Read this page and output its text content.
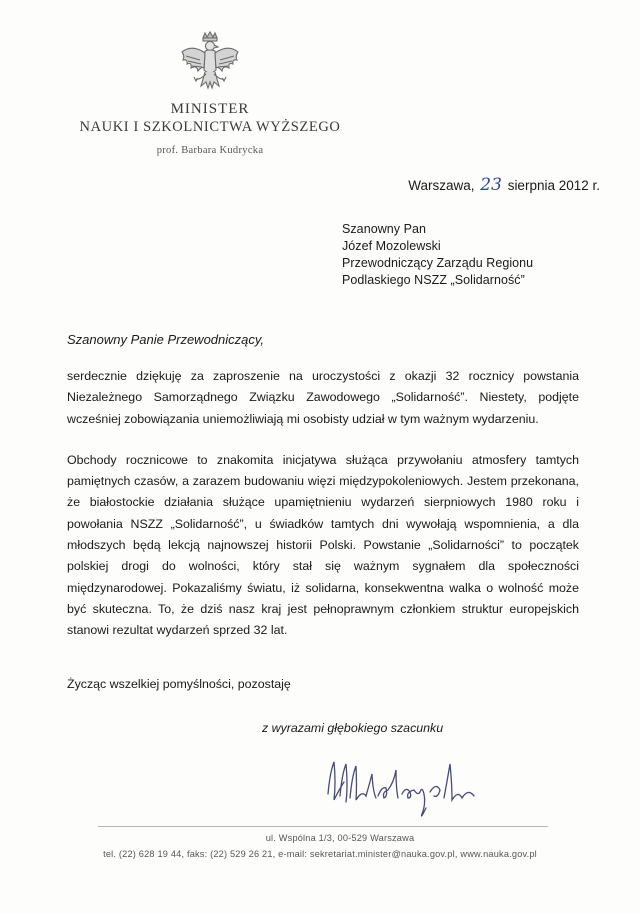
MINISTER
NAUKI I SZKOLNICTWA WYŻSZEGO
prof. Barbara Kudrycka
Warszawa, 23 sierpnia 2012 r.
Szanowny Pan
Józef Mozolewski
Przewodniczący Zarządu Regionu
Podlaskiego NSZZ „Solidarność”
Szanowny Panie Przewodniczący,

serdecznie dziękuję za zaproszenie na uroczystości z okazji 32 rocznicy powstania Niezależnego Samorządnego Związku Zawodowego „Solidarność”. Niestety, podjęte wcześniej zobowiązania uniemożliwiają mi osobisty udział w tym ważnym wydarzeniu.

Obchody rocznicowe to znakomita inicjatywa służąca przywołaniu atmosfery tamtych pamiętnych czasów, a zarazem budowaniu więzi międzypokoleniowych. Jestem przekonana, że białostockie działania służące upamiętnieniu wydarzeń sierpniowych 1980 roku i powołania NSZZ „Solidarność”, u świadków tamtych dni wywołają wspomnienia, a dla młodszych będą lekcją najnowszej historii Polski. Powstanie „Solidarności” to początek polskiej drogi do wolności, który stał się ważnym sygnałem dla społeczności międzynarodowej. Pokazaliśmy światu, iż solidarna, konsekwentna walka o wolność może być skuteczna. To, że dziś nasz kraj jest pełnoprawnym członkiem struktur europejskich stanowi rezultat wydarzeń sprzed 32 lat.

Życząc wszelkiej pomyślności, pozostaję
z wyrazami głębokiego szacunku
ul. Wspólna 1/3, 00-529 Warszawa
tel. (22) 628 19 44, faks: (22) 529 26 21, e-mail: sekretariat.minister@nauka.gov.pl, www.nauka.gov.pl
